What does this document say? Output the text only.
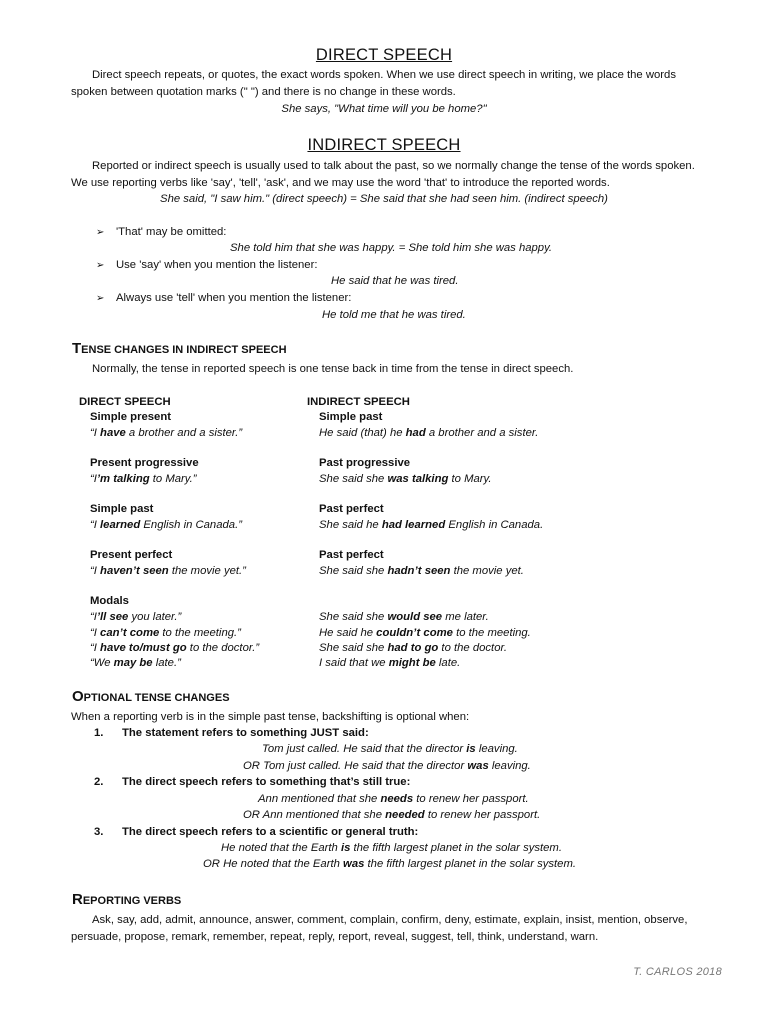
DIRECT SPEECH
Direct speech repeats, or quotes, the exact words spoken. When we use direct speech in writing, we place the words
spoken between quotation marks (" ") and there is no change in these words.
She says, "What time will you be home?"
INDIRECT SPEECH
Reported or indirect speech is usually used to talk about the past, so we normally change the tense of the words spoken.
We use reporting verbs like 'say', 'tell', 'ask', and we may use the word 'that' to introduce the reported words.
She said, "I saw him." (direct speech) = She said that she had seen him. (indirect speech)
➢ 'That' may be omitted:
She told him that she was happy. = She told him she was happy.
➢ Use 'say' when you mention the listener:
He said that he was tired.
➢ Always use 'tell' when you mention the listener:
He told me that he was tired.
TENSE CHANGES IN INDIRECT SPEECH
Normally, the tense in reported speech is one tense back in time from the tense in direct speech.
DIRECT SPEECH	INDIRECT SPEECH
Simple present	Simple past
“I have a brother and a sister.”	He said (that) he had a brother and a sister.
Present progressive	Past progressive
“I’m talking to Mary.”	She said she was talking to Mary.
Simple past	Past perfect
“I learned English in Canada.”	She said he had learned English in Canada.
Present perfect	Past perfect
“I haven’t seen the movie yet.”	She said she hadn’t seen the movie yet.
Modals
“I’ll see you later.”	She said she would see me later.
“I can’t come to the meeting.”	He said he couldn’t come to the meeting.
“I have to/must go to the doctor.”	She said she had to go to the doctor.
“We may be late.”	I said that we might be late.
OPTIONAL TENSE CHANGES
When a reporting verb is in the simple past tense, backshifting is optional when:
1. The statement refers to something JUST said:
Tom just called. He said that the director is leaving.
OR Tom just called. He said that the director was leaving.
2. The direct speech refers to something that’s still true:
Ann mentioned that she needs to renew her passport.
OR Ann mentioned that she needed to renew her passport.
3. The direct speech refers to a scientific or general truth:
He noted that the Earth is the fifth largest planet in the solar system.
OR He noted that the Earth was the fifth largest planet in the solar system.
REPORTING VERBS
Ask, say, add, admit, announce, answer, comment, complain, confirm, deny, estimate, explain, insist, mention, observe,
persuade, propose, remark, remember, repeat, reply, report, reveal, suggest, tell, think, understand, warn.
T. CARLOS 2018
